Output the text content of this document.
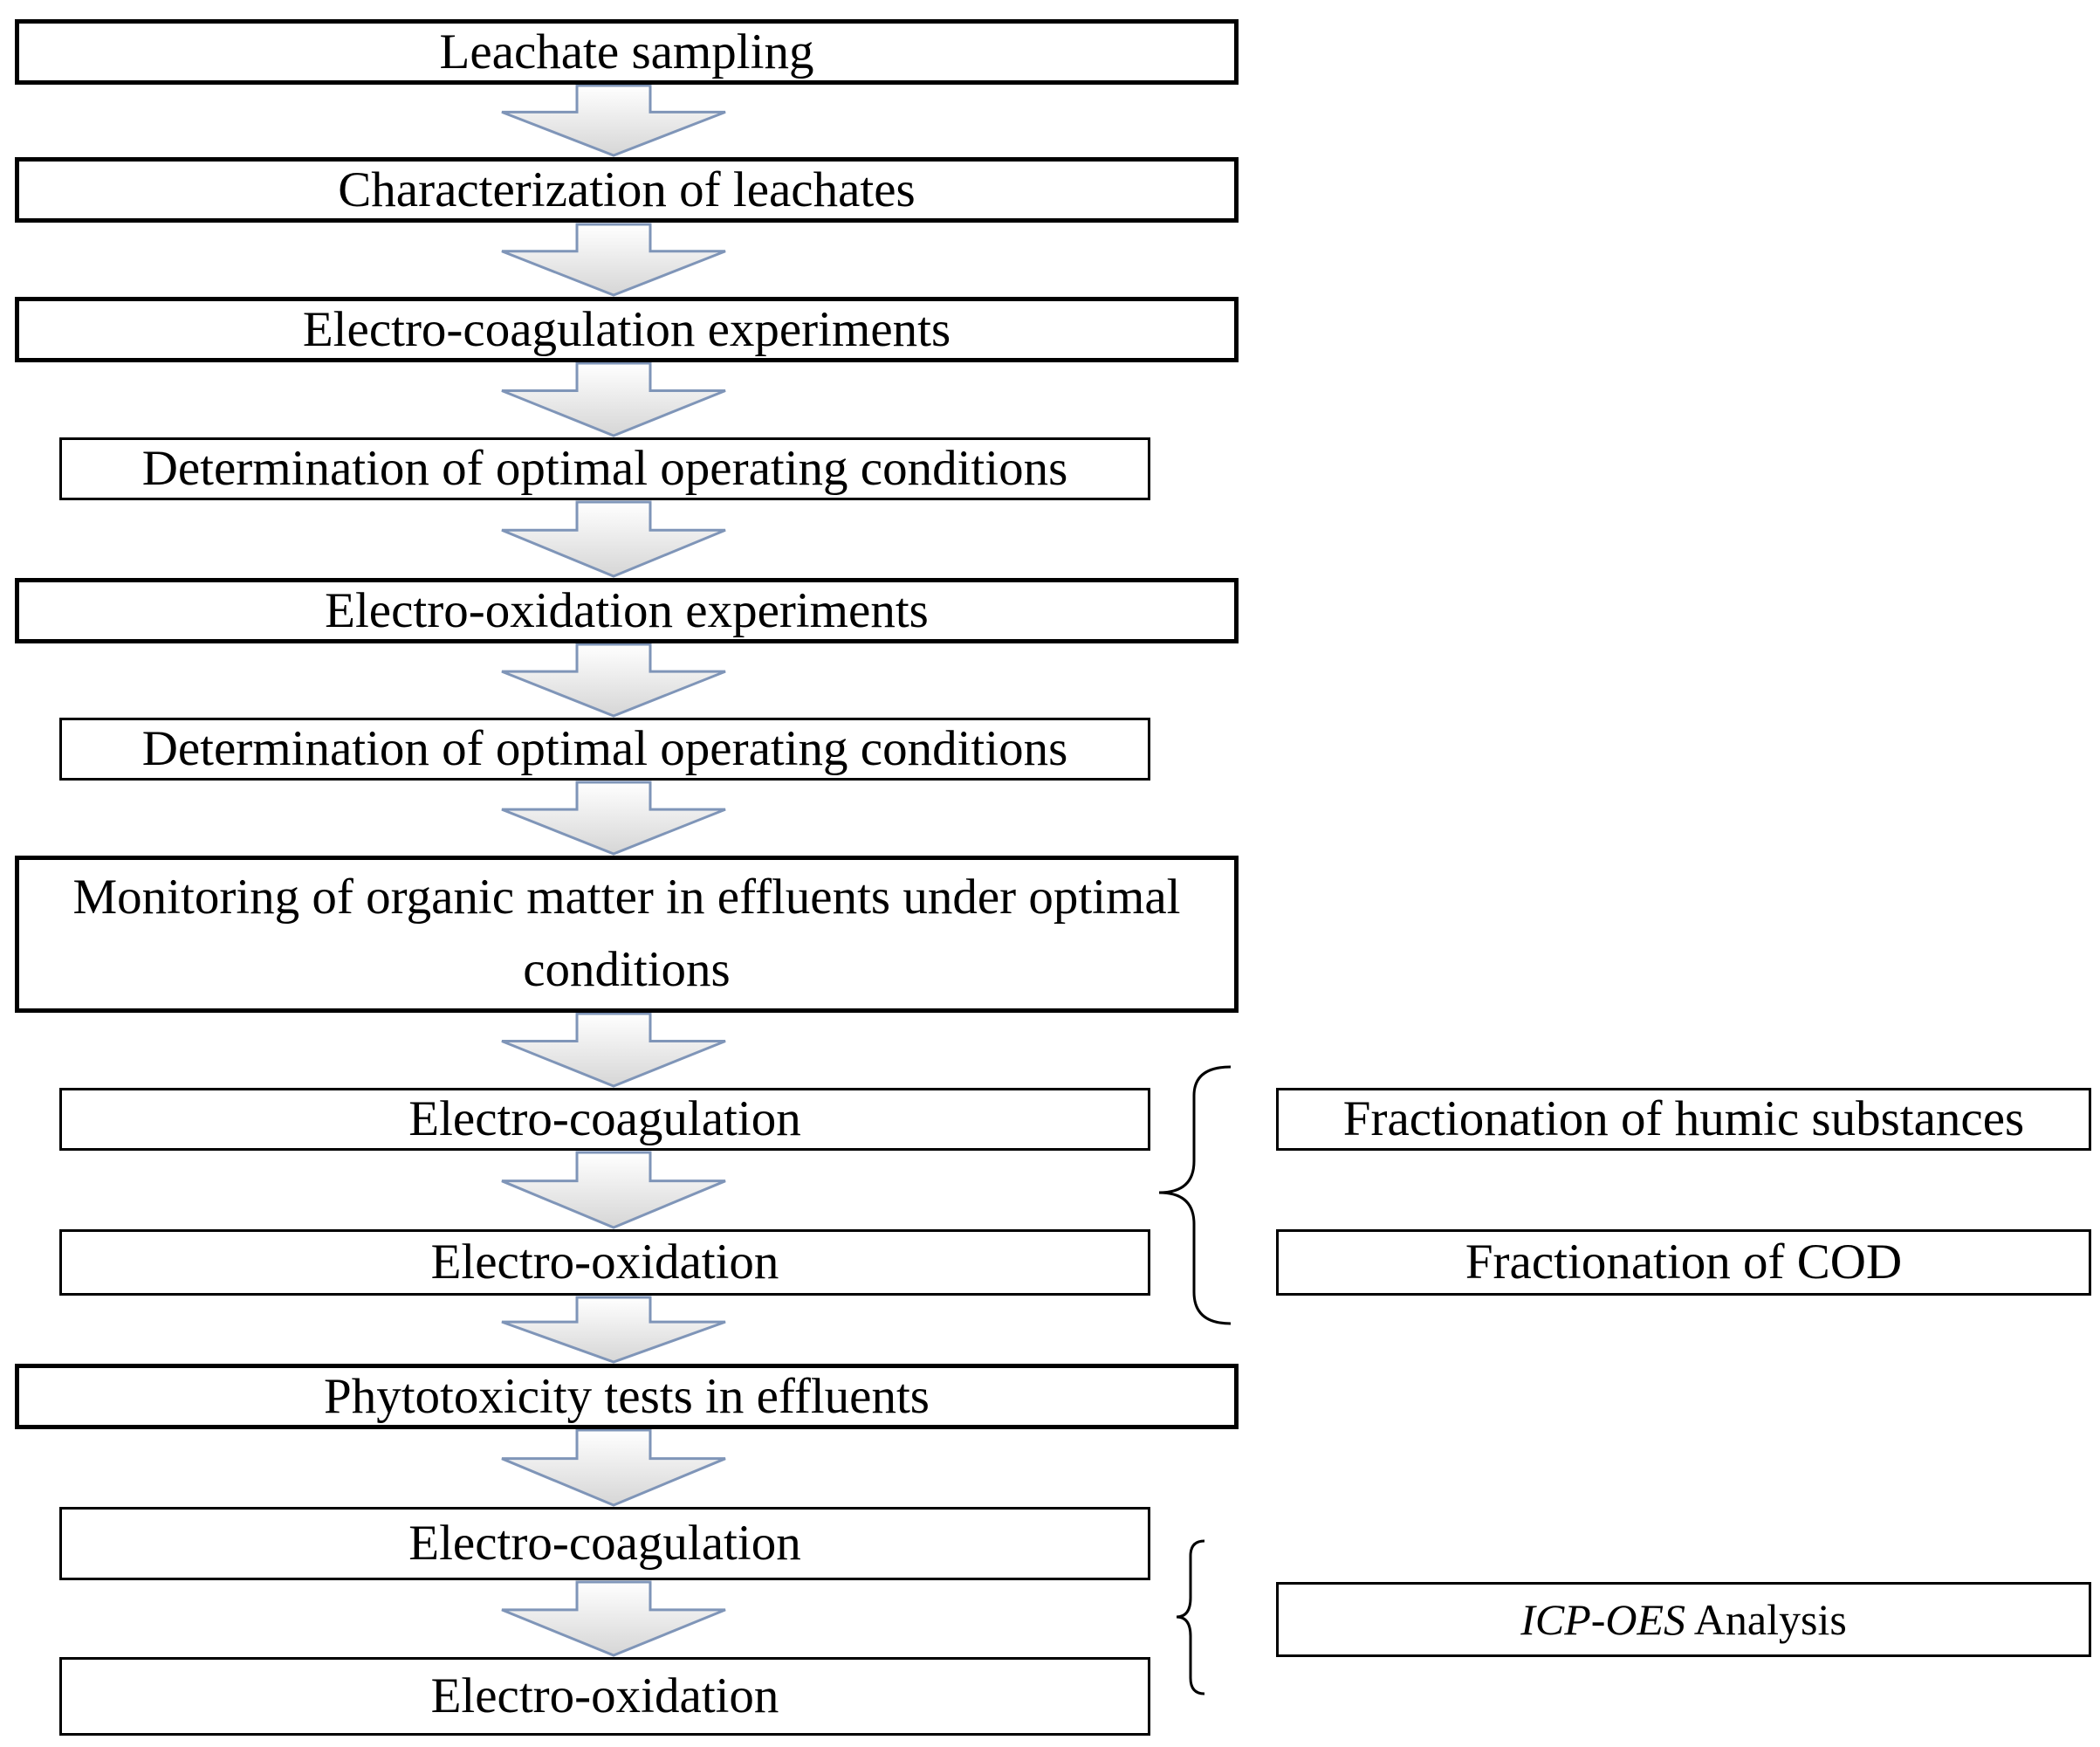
Leachate sampling
Characterization of leachates
Electro-coagulation experiments
Determination of optimal operating conditions
Electro-oxidation experiments
Determination of optimal operating conditions
Monitoring of organic matter in effluents under optimal conditions
Electro-coagulation
Electro-oxidation
Phytotoxicity tests in effluents
Electro-coagulation
Electro-oxidation
Fractionation of humic substances
Fractionation of COD
ICP-OES Analysis
